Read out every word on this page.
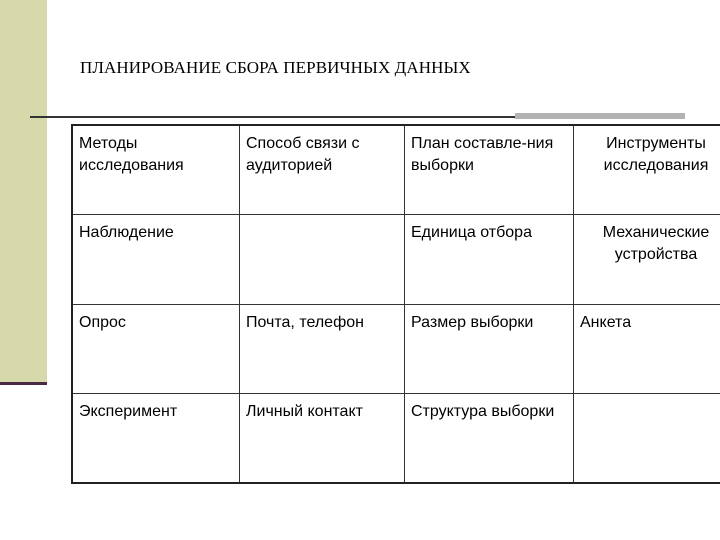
ПЛАНИРОВАНИЕ СБОРА ПЕРВИЧНЫХ ДАННЫХ
Методы исследования	Способ связи с аудиторией	План составле-ния выборки	Инструменты исследования

Наблюдение		Единица отбора	Механические устройства

Опрос	Почта, телефон	Размер выборки	Анкета
Эксперимент	Личный контакт	Структура выборки	
